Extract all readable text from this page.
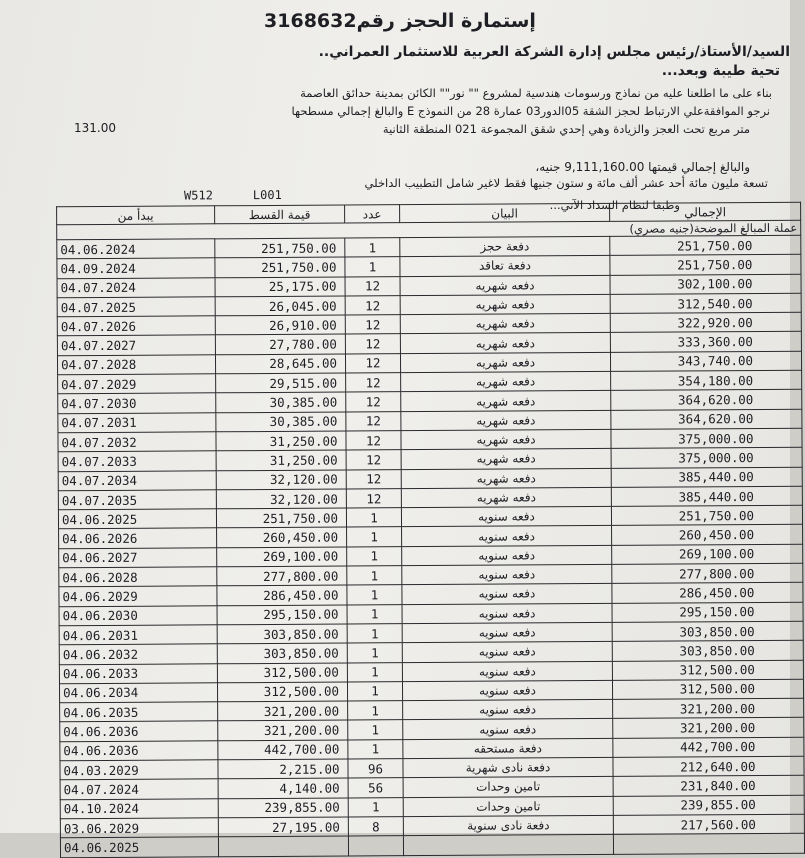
إستمارة الحجز رقم3168632
السيد/الأستاذ/رئيس مجلس إدارة الشركة العربية للاستثمار العمراني..
تحية طيبة وبعد...
بناء على ما اطلعنا عليه من نماذج ورسومات هندسية لمشروع "" نور"" الكائن بمدينة حدائق العاصمة
نرجو الموافقةعلي الارتباط لحجز الشقة 05الدور03 عمارة 28 من النموذج E والبالغ إجمالي مسطحها
متر مربع تحت العجز والزيادة وهي إحدي شقق المجموعة 021 المنطقة الثانية
131.00
والبالغ إجمالي قيمتها 9,111,160.00 جنيه،
تسعة مليون مائة أحد عشر ألف مائة و ستون جنيها فقط لاغير شامل التطبيب الداخلي
W512	L001
عملة المبالغ الموضحة(جنيه مصري)				
يبدأ من	قيمة القسط	عدد	البيان	الإجمالي
04.06.2024	251,750.00	1	دفعة حجز	251,750.00
04.09.2024	251,750.00	1	دفعة تعاقد	251,750.00
04.07.2024	25,175.00	12	دفعه شهريه	302,100.00
04.07.2025	26,045.00	12	دفعه شهريه	312,540.00
04.07.2026	26,910.00	12	دفعه شهريه	322,920.00
04.07.2027	27,780.00	12	دفعه شهريه	333,360.00
04.07.2028	28,645.00	12	دفعه شهريه	343,740.00
04.07.2029	29,515.00	12	دفعه شهريه	354,180.00
04.07.2030	30,385.00	12	دفعه شهريه	364,620.00
04.07.2031	30,385.00	12	دفعه شهريه	364,620.00
04.07.2032	31,250.00	12	دفعه شهريه	375,000.00
04.07.2033	31,250.00	12	دفعه شهريه	375,000.00
04.07.2034	32,120.00	12	دفعه شهريه	385,440.00
04.07.2035	32,120.00	12	دفعه شهريه	385,440.00
04.06.2025	251,750.00	1	دفعه سنويه	251,750.00
04.06.2026	260,450.00	1	دفعه سنويه	260,450.00
04.06.2027	269,100.00	1	دفعه سنويه	269,100.00
04.06.2028	277,800.00	1	دفعه سنويه	277,800.00
04.06.2029	286,450.00	1	دفعه سنويه	286,450.00
04.06.2030	295,150.00	1	دفعه سنويه	295,150.00
04.06.2031	303,850.00	1	دفعه سنويه	303,850.00
04.06.2032	303,850.00	1	دفعه سنويه	303,850.00
04.06.2033	312,500.00	1	دفعه سنويه	312,500.00
04.06.2034	312,500.00	1	دفعه سنويه	312,500.00
04.06.2035	321,200.00	1	دفعه سنويه	321,200.00
04.06.2036	321,200.00	1	دفعه سنويه	321,200.00
04.06.2036	442,700.00	1	دفعة مستحقه	442,700.00
04.03.2029	2,215.00	96	دفعة نادى شهرية	212,640.00
04.07.2024	4,140.00	56	تامين وحدات	231,840.00
04.10.2024	239,855.00	1	تامين وحدات	239,855.00
03.06.2029	27,195.00	8	دفعة نادى سنوية	217,560.00
04.06.2025				
وطبقا لنظام السداد الآتي...
